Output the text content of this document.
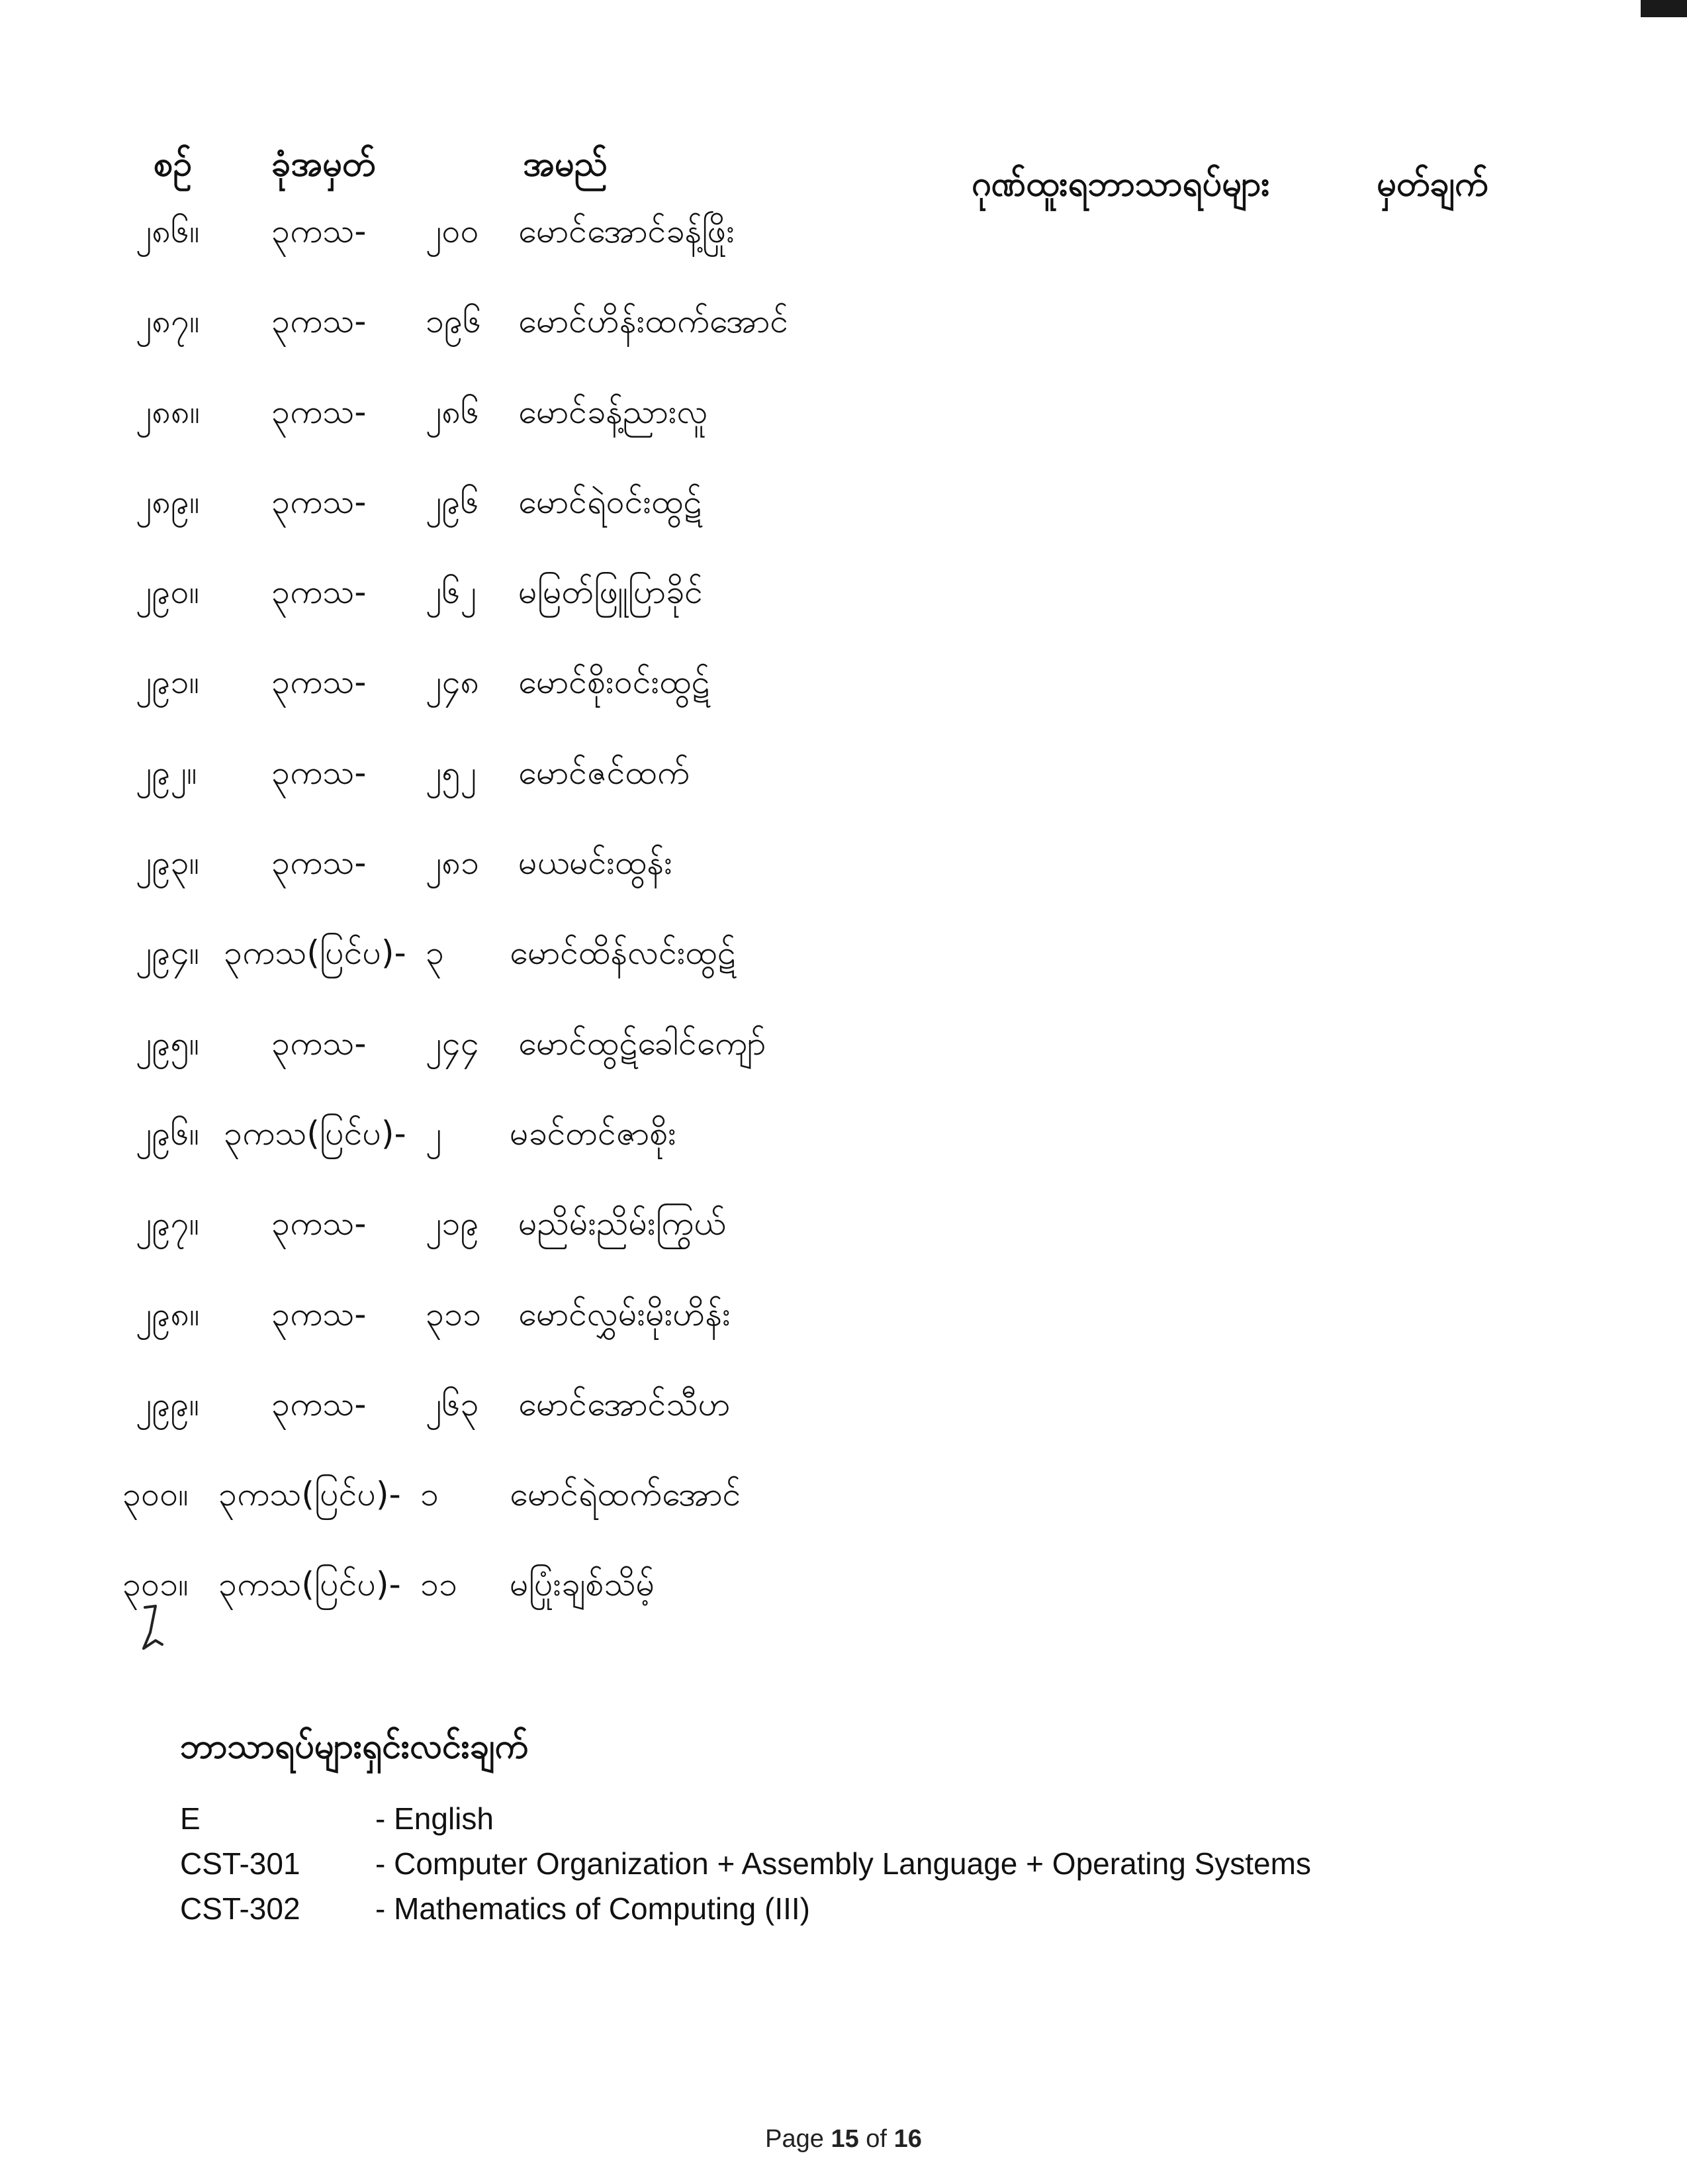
စဥ် ခုံအမှတ်	အမည်	ဂုဏ်ထူးရဘာသာရပ်များ	မှတ်ချက်
၂၈၆။ ၃ကသ- ၂၀၀ မောင်အောင်ခန့်ဖြိုး
၂၈၇။ ၃ကသ- ၁၉၆ မောင်ဟိန်းထက်အောင်
၂၈၈။ ၃ကသ- ၂၈၆ မောင်ခန့်ညားလူ
၂၈၉။ ၃ကသ- ၂၉၆ မောင်ရဲဝင်းထွဋ်
၂၉၀။ ၃ကသ- ၂၆၂ မမြတ်ဖြူပြာခိုင်
၂၉၁။ ၃ကသ- ၂၄၈ မောင်စိုးဝင်းထွဋ်
၂၉၂။ ၃ကသ- ၂၅၂ မောင်ဇင်ထက်
၂၉၃။ ၃ကသ- ၂၈၁ မယမင်းထွန်း
၂၉၄။ ၃ကသ(ပြင်ပ)- ၃ မောင်ထိန်လင်းထွဋ်
၂၉၅။ ၃ကသ- ၂၄၄ မောင်ထွဋ်ခေါင်ကျော်
၂၉၆။ ၃ကသ(ပြင်ပ)- ၂ မခင်တင်ဇာစိုး
၂၉၇။ ၃ကသ- ၂၁၉ မညိမ်းညိမ်းကြွယ်
၂၉၈။ ၃ကသ- ၃၁၁ မောင်လွှမ်းမိုးဟိန်း
၂၉၉။ ၃ကသ- ၂၆၃ မောင်အောင်သီဟ
၃၀၀။ ၃ကသ(ပြင်ပ)- ၁ မောင်ရဲထက်အောင်
၃၀၁။ ၃ကသ(ပြင်ပ)- ၁၁ မပြုံးချစ်သိမ့်
ဘာသာရပ်များရှင်းလင်းချက်
E	- English
CST-301 - Computer Organization + Assembly Language + Operating Systems
CST-302 - Mathematics of Computing (III)
Page 15 of 16
